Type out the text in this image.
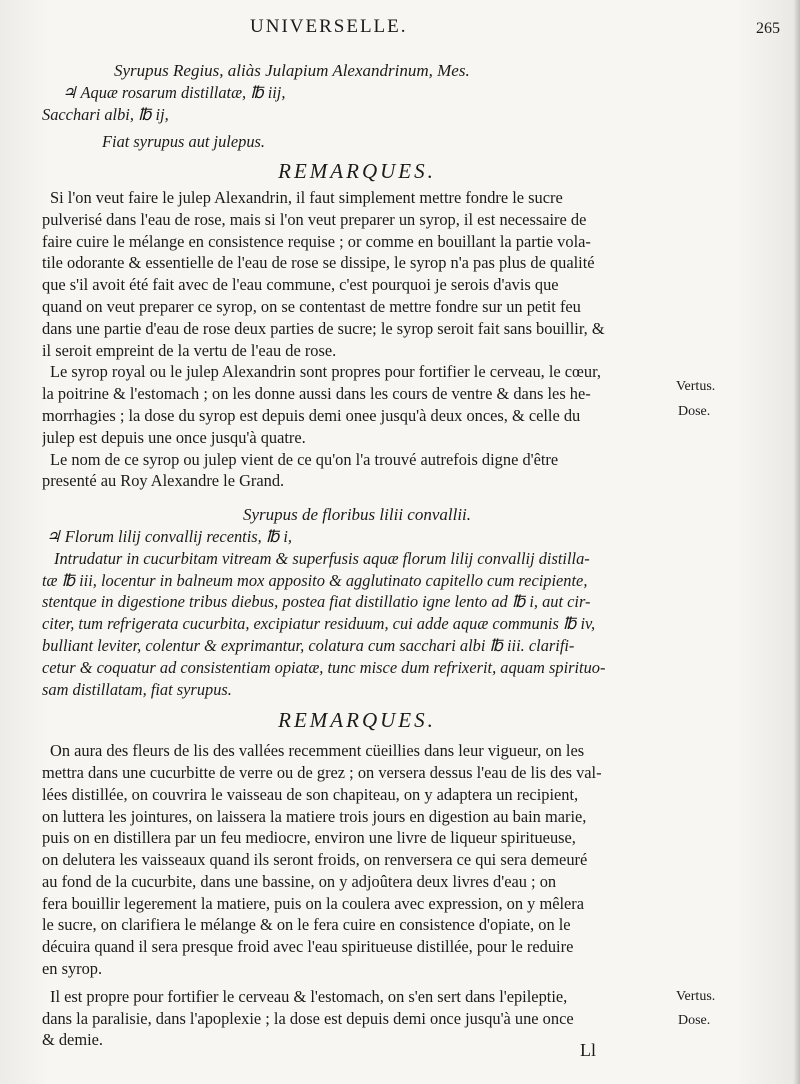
UNIVERSELLE.	265
Syrupus Regius, aliàs Julapium Alexandrinum, Mes.
♃ Aquæ rosarum distillatæ, ℔ iij,
Sacchari albi, ℔ ij,
Fiat syrupus aut julepus.
REMARQUES.
Si l'on veut faire le julep Alexandrin, il faut simplement mettre fondre le sucre
pulverisé dans l'eau de rose, mais si l'on veut preparer un syrop, il est necessaire de
faire cuire le mélange en consistence requise ; or comme en bouillant la partie vola-
tile odorante & essentielle de l'eau de rose se dissipe, le syrop n'a pas plus de qualité
que s'il avoit été fait avec de l'eau commune, c'est pourquoi je serois d'avis que
quand on veut preparer ce syrop, on se contentast de mettre fondre sur un petit feu
dans une partie d'eau de rose deux parties de sucre; le syrop seroit fait sans bouillir, &
il seroit empreint de la vertu de l'eau de rose.
Le syrop royal ou le julep Alexandrin sont propres pour fortifier le cerveau, le cœur,
la poitrine & l'estomach ; on les donne aussi dans les cours de ventre & dans les he-
morrhagies ; la dose du syrop est depuis demi onee jusqu'à deux onces, & celle du
julep est depuis une once jusqu'à quatre.
Le nom de ce syrop ou julep vient de ce qu'on l'a trouvé autrefois digne d'être
presenté au Roy Alexandre le Grand.
Syrupus de floribus lilii convallii.
♃ Florum lilij convallij recentis, ℔ i,
Intrudatur in cucurbitam vitream & superfusis aquæ florum lilij convallij distilla-
tæ ℔ iii, locentur in balneum mox apposito & agglutinato capitello cum recipiente,
stentque in digestione tribus diebus, postea fiat distillatio igne lento ad ℔ i, aut cir-
citer, tum refrigerata cucurbita, excipiatur residuum, cui adde aquæ communis ℔ iv,
bulliant leviter, colentur & exprimantur, colatura cum sacchari albi ℔ iii. clarifi-
cetur & coquatur ad consistentiam opiatæ, tunc misce dum refrixerit, aquam spirituo-
sam distillatam, fiat syrupus.
REMARQUES.
On aura des fleurs de lis des vallées recemment cüeillies dans leur vigueur, on les
mettra dans une cucurbitte de verre ou de grez ; on versera dessus l'eau de lis des val-
lées distillée, on couvrira le vaisseau de son chapiteau, on y adaptera un recipient,
on luttera les jointures, on laissera la matiere trois jours en digestion au bain marie,
puis on en distillera par un feu mediocre, environ une livre de liqueur spiritueuse,
on delutera les vaisseaux quand ils seront froids, on renversera ce qui sera demeuré
au fond de la cucurbite, dans une bassine, on y adjoûtera deux livres d'eau ; on
fera bouillir legerement la matiere, puis on la coulera avec expression, on y mêlera
le sucre, on clarifiera le mélange & on le fera cuire en consistence d'opiate, on le
décuira quand il sera presque froid avec l'eau spiritueuse distillée, pour le reduire
en syrop.
Il est propre pour fortifier le cerveau & l'estomach, on s'en sert dans l'epileptie,
dans la paralisie, dans l'apoplexie ; la dose est depuis demi once jusqu'à une once
& demie.
Vertus.
Dose.
Vertus.
Dose.
Ll
